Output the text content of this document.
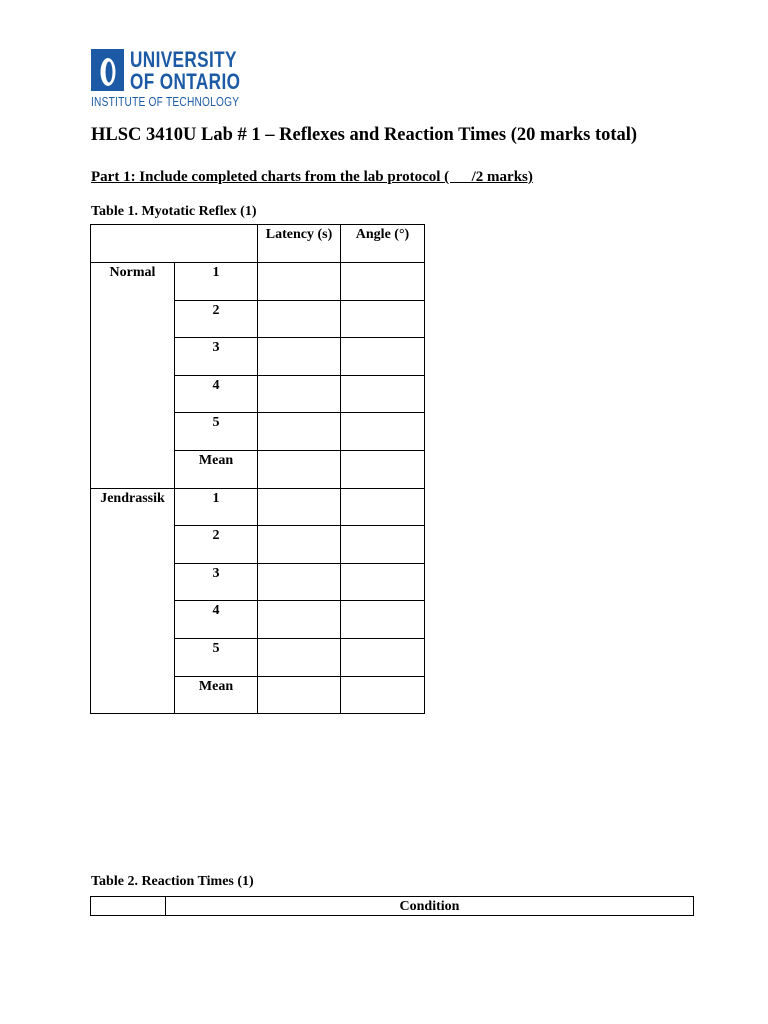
UNIVERSITY
OF ONTARIO
INSTITUTE OF TECHNOLOGY
HLSC 3410U Lab # 1 – Reflexes and Reaction Times (20 marks total)
Part 1: Include completed charts from the lab protocol (      /2 marks)
Table 1. Myotatic Reflex (1)
		Latency (s)	Angle (°)
Normal	1		
	2		
	3		
	4		
	5		
	Mean		
Jendrassik	1		
	2		
	3		
	4		
	5		
	Mean		
Table 2. Reaction Times (1)
	Condition
